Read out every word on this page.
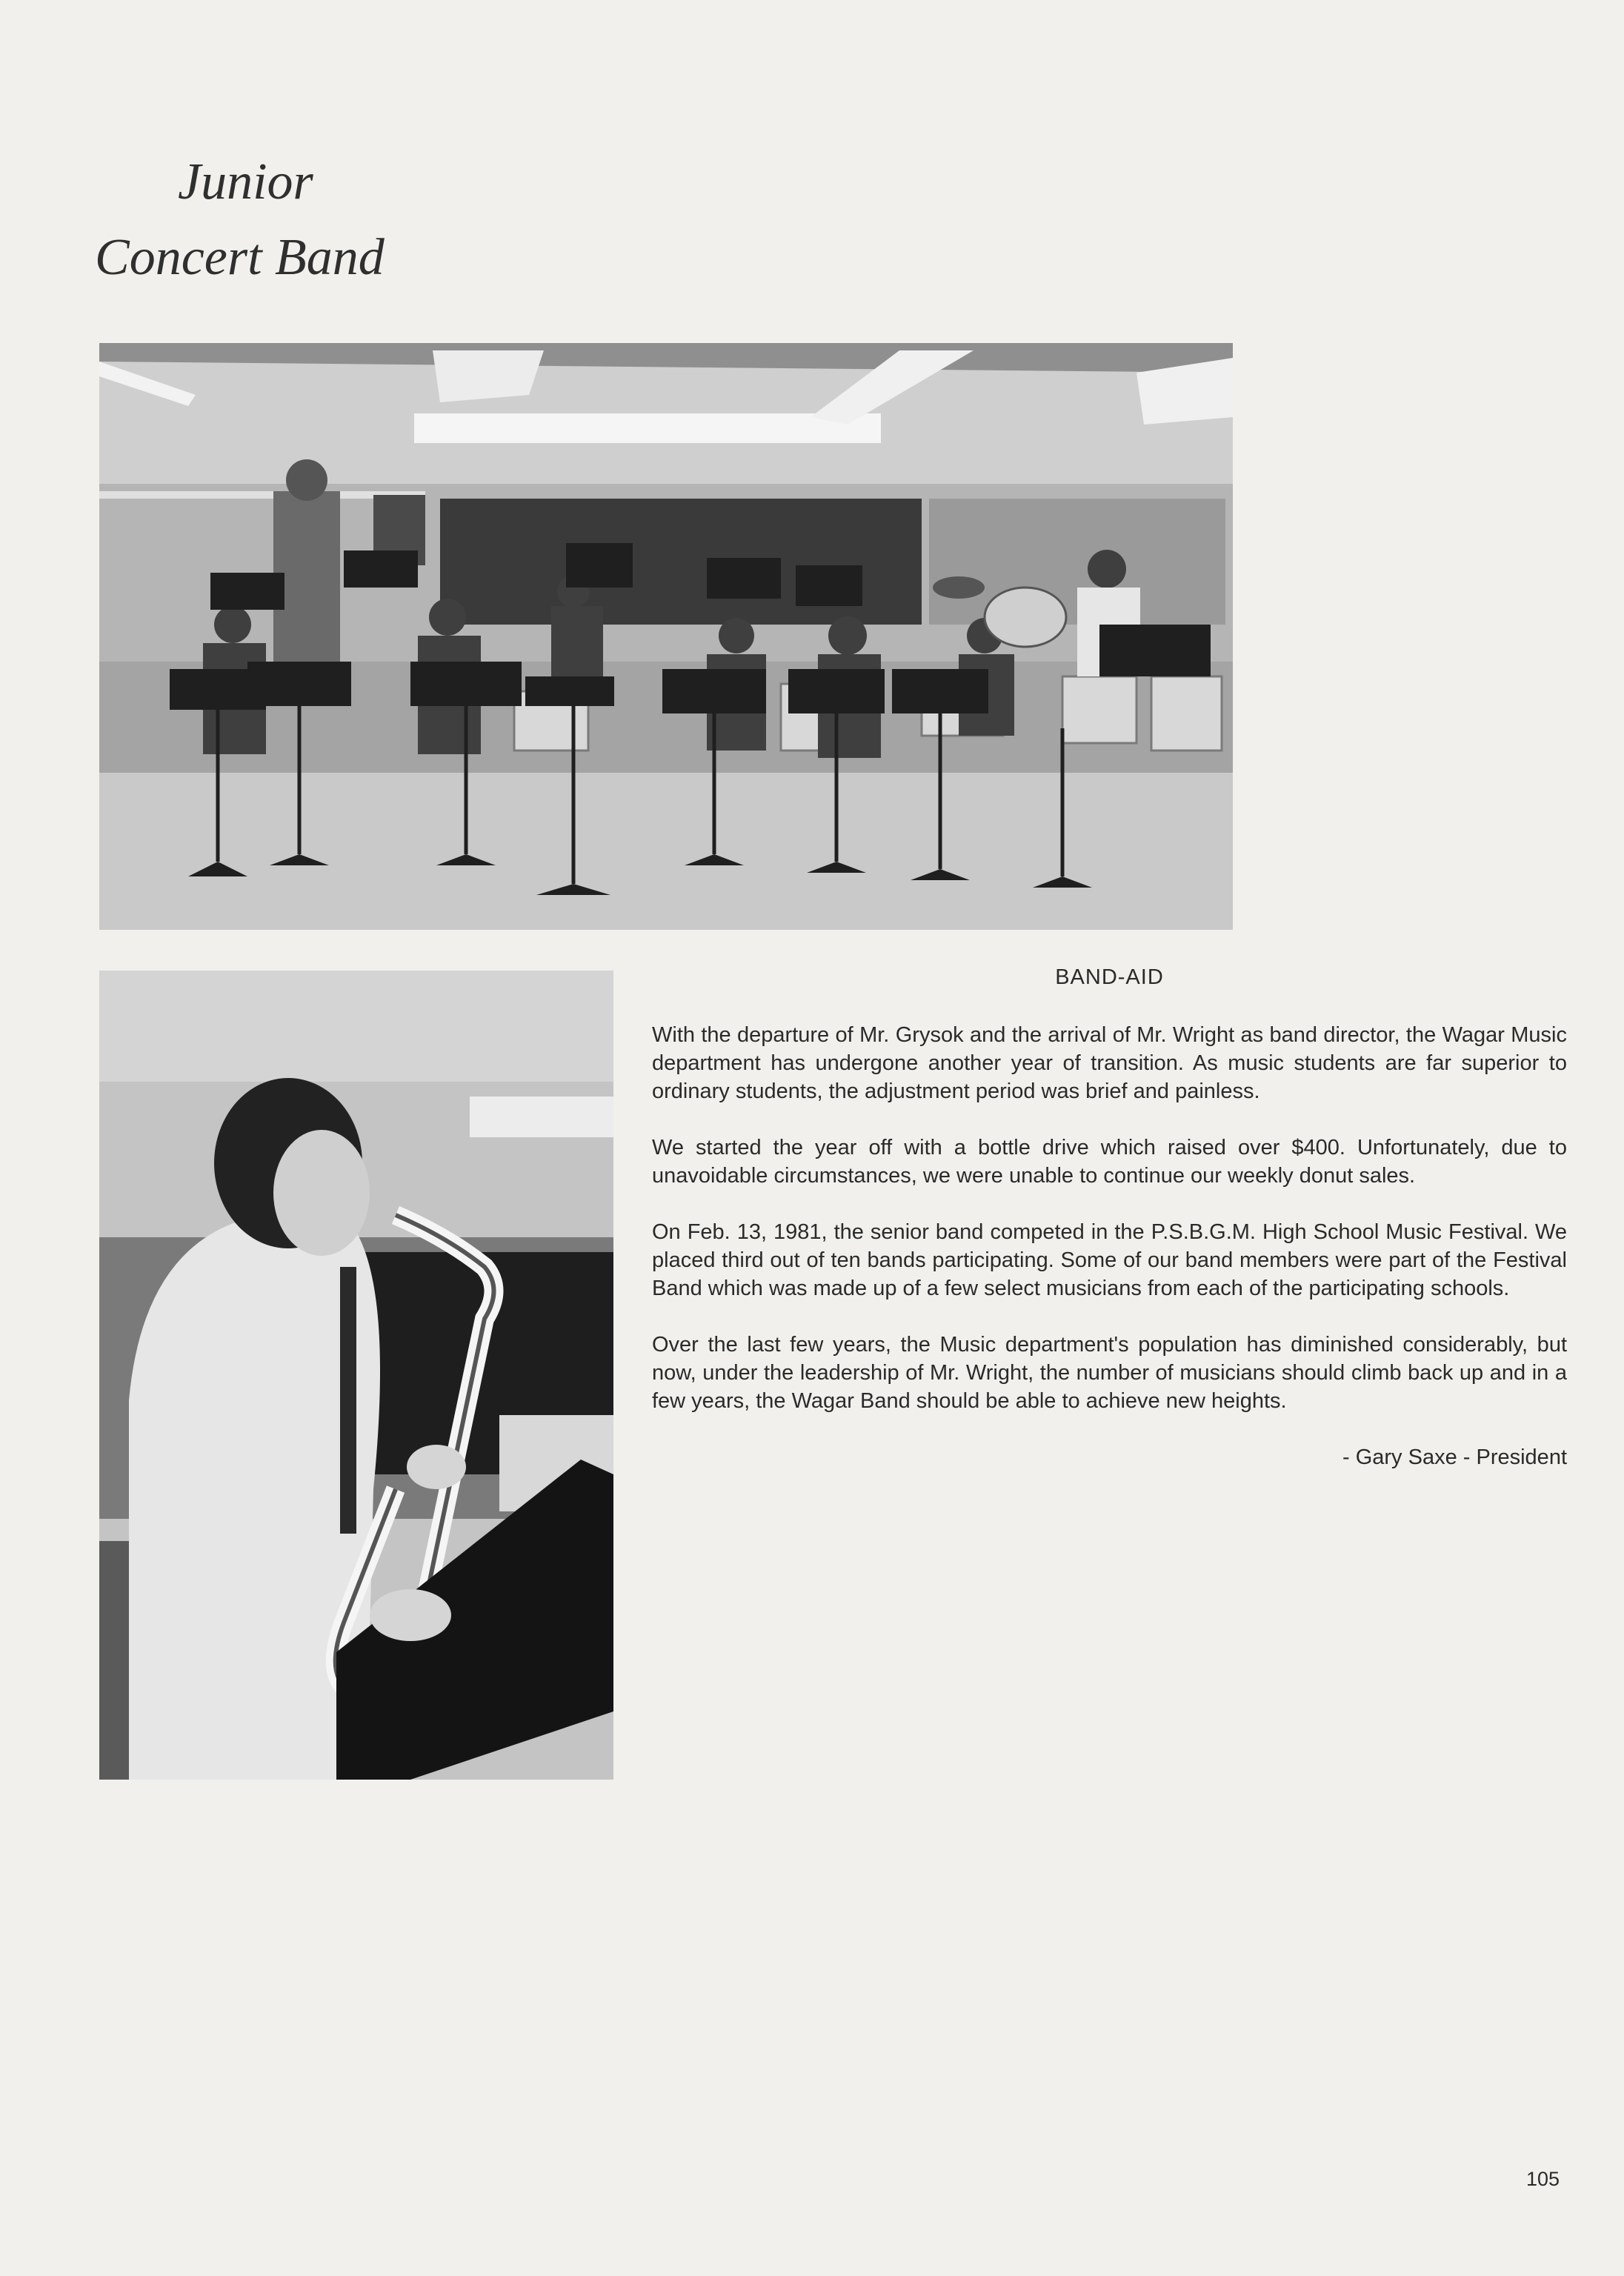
Junior
Concert Band
BAND-AID

With the departure of Mr. Grysok and the arrival of Mr. Wright as band director, the Wagar Music department has undergone another year of transition. As music students are far superior to ordinary students, the adjustment period was brief and painless.

We started the year off with a bottle drive which raised over $400. Unfortunately, due to unavoidable circumstances, we were unable to continue our weekly donut sales.

On Feb. 13, 1981, the senior band competed in the P.S.B.G.M. High School Music Festival. We placed third out of ten bands participating. Some of our band members were part of the Festival Band which was made up of a few select musicians from each of the participating schools.

Over the last few years, the Music department's population has diminished considerably, but now, under the leadership of Mr. Wright, the number of musicians should climb back up and in a few years, the Wagar Band should be able to achieve new heights.

- Gary Saxe - President

105
